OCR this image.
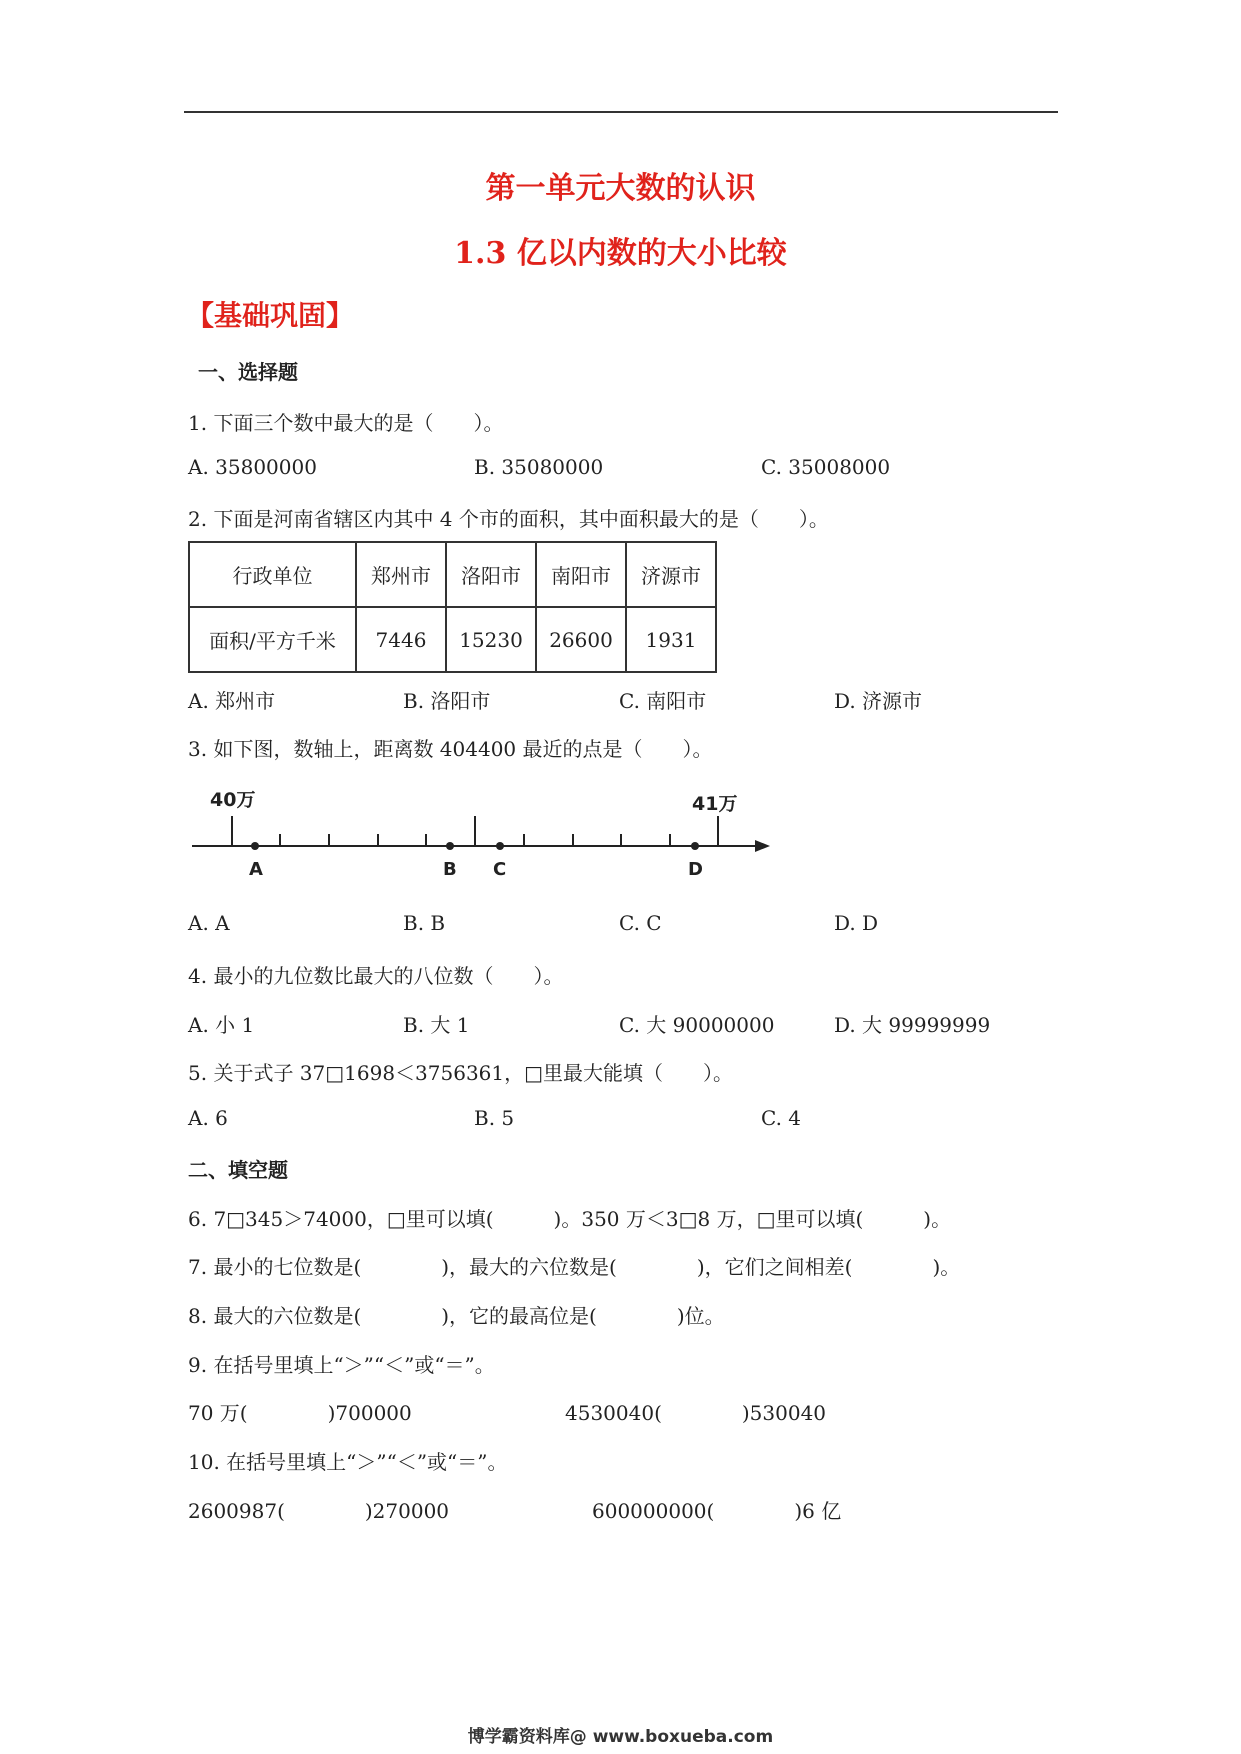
第一单元大数的认识
1.3 亿以内数的大小比较
【基础巩固】
一、选择题
1. 下面三个数中最大的是（　　）。
A. 35800000	B. 35080000	C. 35008000
2. 下面是河南省辖区内其中 4 个市的面积，其中面积最大的是（　　）。
行政单位	郑州市	洛阳市	南阳市	济源市
面积/平方千米	7446	15230	26600	1931
A. 郑州市	B. 洛阳市	C. 南阳市	D. 济源市
3. 如下图，数轴上，距离数 404400 最近的点是（　　）。
40万	41万
A	B C	D
A. A	B. B	C. C	D. D
4. 最小的九位数比最大的八位数（　　）。
A. 小 1	B. 大 1	C. 大 90000000	D. 大 99999999
5. 关于式子 37□1698＜3756361，□里最大能填（　　）。
A. 6	B. 5	C. 4
二、填空题
6. 7□345＞74000，□里可以填(　　　)。350 万＜3□8 万，□里可以填(　　　)。
7. 最小的七位数是(　　　　)，最大的六位数是(　　　　)，它们之间相差(　　　　)。
8. 最大的六位数是(　　　　)，它的最高位是(　　　　)位。
9. 在括号里填上“＞”“＜”或“＝”。
70 万(　　　　)700000	4530040(　　　　)530040
10. 在括号里填上“＞”“＜”或“＝”。
2600987(　　　　)270000	600000000(　　　　)6 亿
博学霸资料库@ www.boxueba.com
